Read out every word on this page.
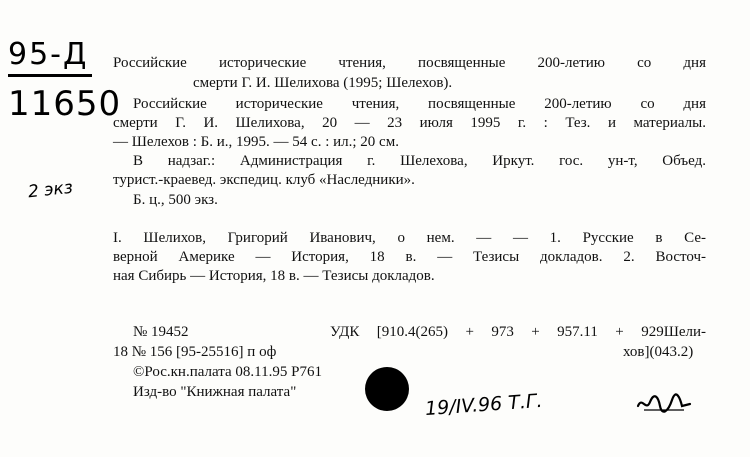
95-Д
11650
2 экз
Российские исторические чтения, посвященные 200-летию со дня
смерти Г. И. Шелихова (1995; Шелехов).
Российские исторические чтения, посвященные 200-летию со дня
смерти Г. И. Шелихова, 20 — 23 июля 1995 г. : Тез. и материалы.
— Шелехов : Б. и., 1995. — 54 с. : ил.; 20 см.
В надзаг.: Администрация г. Шелехова, Иркут. гос. ун-т, Объед.
турист.-краевед. экспедиц. клуб «Наследники».
Б. ц., 500 экз.
I. Шелихов, Григорий Иванович, о нем. — — 1. Русские в Се-
верной Америке — История, 18 в. — Тезисы докладов. 2. Восточ-
ная Сибирь — История, 18 в. — Тезисы докладов.
№ 19452	УДК [910.4(265) + 973 + 957.11 + 929Шели-
18 № 156 [95-25516] п оф	хов](043.2)
©Рос.кн.палата 08.11.95 Р761
Изд-во "Книжная палата"	19/IV.96 Т.Г.
